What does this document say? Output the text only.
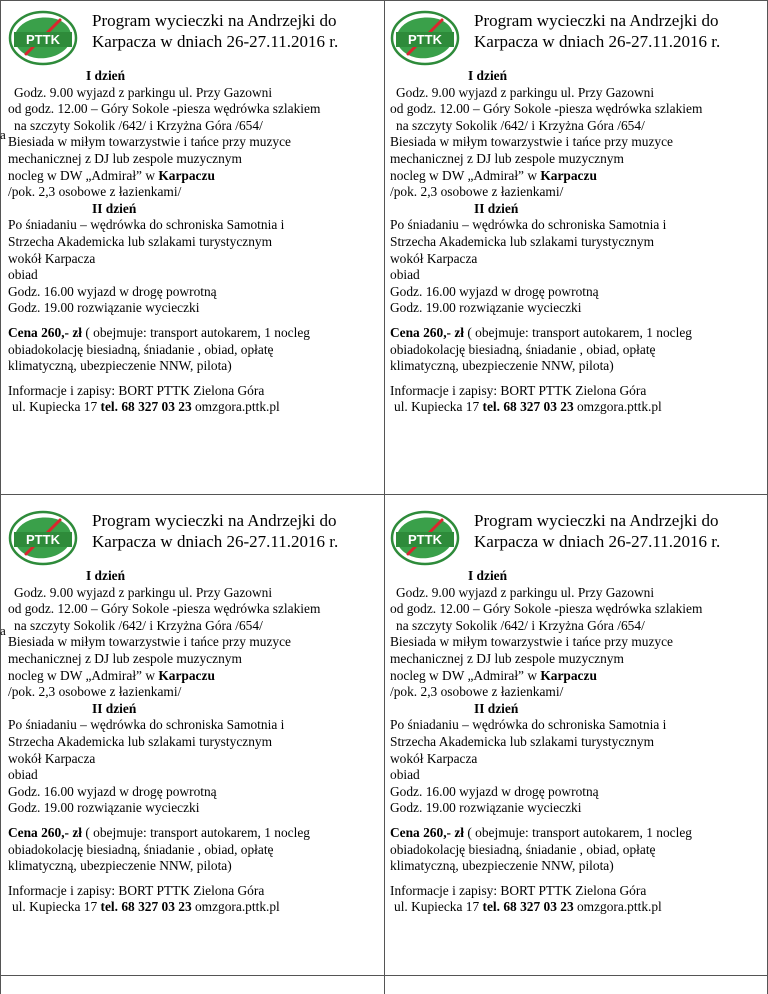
a
a
PTTK
Program wycieczki na Andrzejki do
Karpacza w dniach 26-27.11.2016 r.
I dzień
Godz. 9.00 wyjazd z parkingu ul. Przy Gazowni
od godz. 12.00 – Góry Sokole -piesza wędrówka szlakiem
na szczyty Sokolik /642/ i Krzyżna Góra /654/
Biesiada w miłym towarzystwie i tańce przy muzyce
mechanicznej z DJ lub zespole muzycznym
nocleg w DW „Admirał” w Karpaczu
/pok. 2,3 osobowe z łazienkami/
II dzień
Po śniadaniu – wędrówka do schroniska Samotnia i
Strzecha Akademicka lub szlakami turystycznym
wokół Karpacza
obiad
Godz. 16.00 wyjazd w drogę powrotną
Godz. 19.00 rozwiązanie wycieczki
Cena 260,- zł ( obejmuje: transport autokarem, 1 nocleg
obiadokolację biesiadną, śniadanie , obiad, opłatę
klimatyczną, ubezpieczenie NNW, pilota)
Informacje i zapisy: BORT PTTK Zielona Góra
ul. Kupiecka 17 tel. 68 327 03 23 omzgora.pttk.pl
PTTK
Program wycieczki na Andrzejki do
Karpacza w dniach 26-27.11.2016 r.
I dzień
Godz. 9.00 wyjazd z parkingu ul. Przy Gazowni
od godz. 12.00 – Góry Sokole -piesza wędrówka szlakiem
na szczyty Sokolik /642/ i Krzyżna Góra /654/
Biesiada w miłym towarzystwie i tańce przy muzyce
mechanicznej z DJ lub zespole muzycznym
nocleg w DW „Admirał” w Karpaczu
/pok. 2,3 osobowe z łazienkami/
II dzień
Po śniadaniu – wędrówka do schroniska Samotnia i
Strzecha Akademicka lub szlakami turystycznym
wokół Karpacza
obiad
Godz. 16.00 wyjazd w drogę powrotną
Godz. 19.00 rozwiązanie wycieczki
Cena 260,- zł ( obejmuje: transport autokarem, 1 nocleg
obiadokolację biesiadną, śniadanie , obiad, opłatę
klimatyczną, ubezpieczenie NNW, pilota)
Informacje i zapisy: BORT PTTK Zielona Góra
ul. Kupiecka 17 tel. 68 327 03 23 omzgora.pttk.pl
PTTK
Program wycieczki na Andrzejki do
Karpacza w dniach 26-27.11.2016 r.
I dzień
Godz. 9.00 wyjazd z parkingu ul. Przy Gazowni
od godz. 12.00 – Góry Sokole -piesza wędrówka szlakiem
na szczyty Sokolik /642/ i Krzyżna Góra /654/
Biesiada w miłym towarzystwie i tańce przy muzyce
mechanicznej z DJ lub zespole muzycznym
nocleg w DW „Admirał” w Karpaczu
/pok. 2,3 osobowe z łazienkami/
II dzień
Po śniadaniu – wędrówka do schroniska Samotnia i
Strzecha Akademicka lub szlakami turystycznym
wokół Karpacza
obiad
Godz. 16.00 wyjazd w drogę powrotną
Godz. 19.00 rozwiązanie wycieczki
Cena 260,- zł ( obejmuje: transport autokarem, 1 nocleg
obiadokolację biesiadną, śniadanie , obiad, opłatę
klimatyczną, ubezpieczenie NNW, pilota)
Informacje i zapisy: BORT PTTK Zielona Góra
ul. Kupiecka 17 tel. 68 327 03 23 omzgora.pttk.pl
PTTK
Program wycieczki na Andrzejki do
Karpacza w dniach 26-27.11.2016 r.
I dzień
Godz. 9.00 wyjazd z parkingu ul. Przy Gazowni
od godz. 12.00 – Góry Sokole -piesza wędrówka szlakiem
na szczyty Sokolik /642/ i Krzyżna Góra /654/
Biesiada w miłym towarzystwie i tańce przy muzyce
mechanicznej z DJ lub zespole muzycznym
nocleg w DW „Admirał” w Karpaczu
/pok. 2,3 osobowe z łazienkami/
II dzień
Po śniadaniu – wędrówka do schroniska Samotnia i
Strzecha Akademicka lub szlakami turystycznym
wokół Karpacza
obiad
Godz. 16.00 wyjazd w drogę powrotną
Godz. 19.00 rozwiązanie wycieczki
Cena 260,- zł ( obejmuje: transport autokarem, 1 nocleg
obiadokolację biesiadną, śniadanie , obiad, opłatę
klimatyczną, ubezpieczenie NNW, pilota)
Informacje i zapisy: BORT PTTK Zielona Góra
ul. Kupiecka 17 tel. 68 327 03 23 omzgora.pttk.pl
